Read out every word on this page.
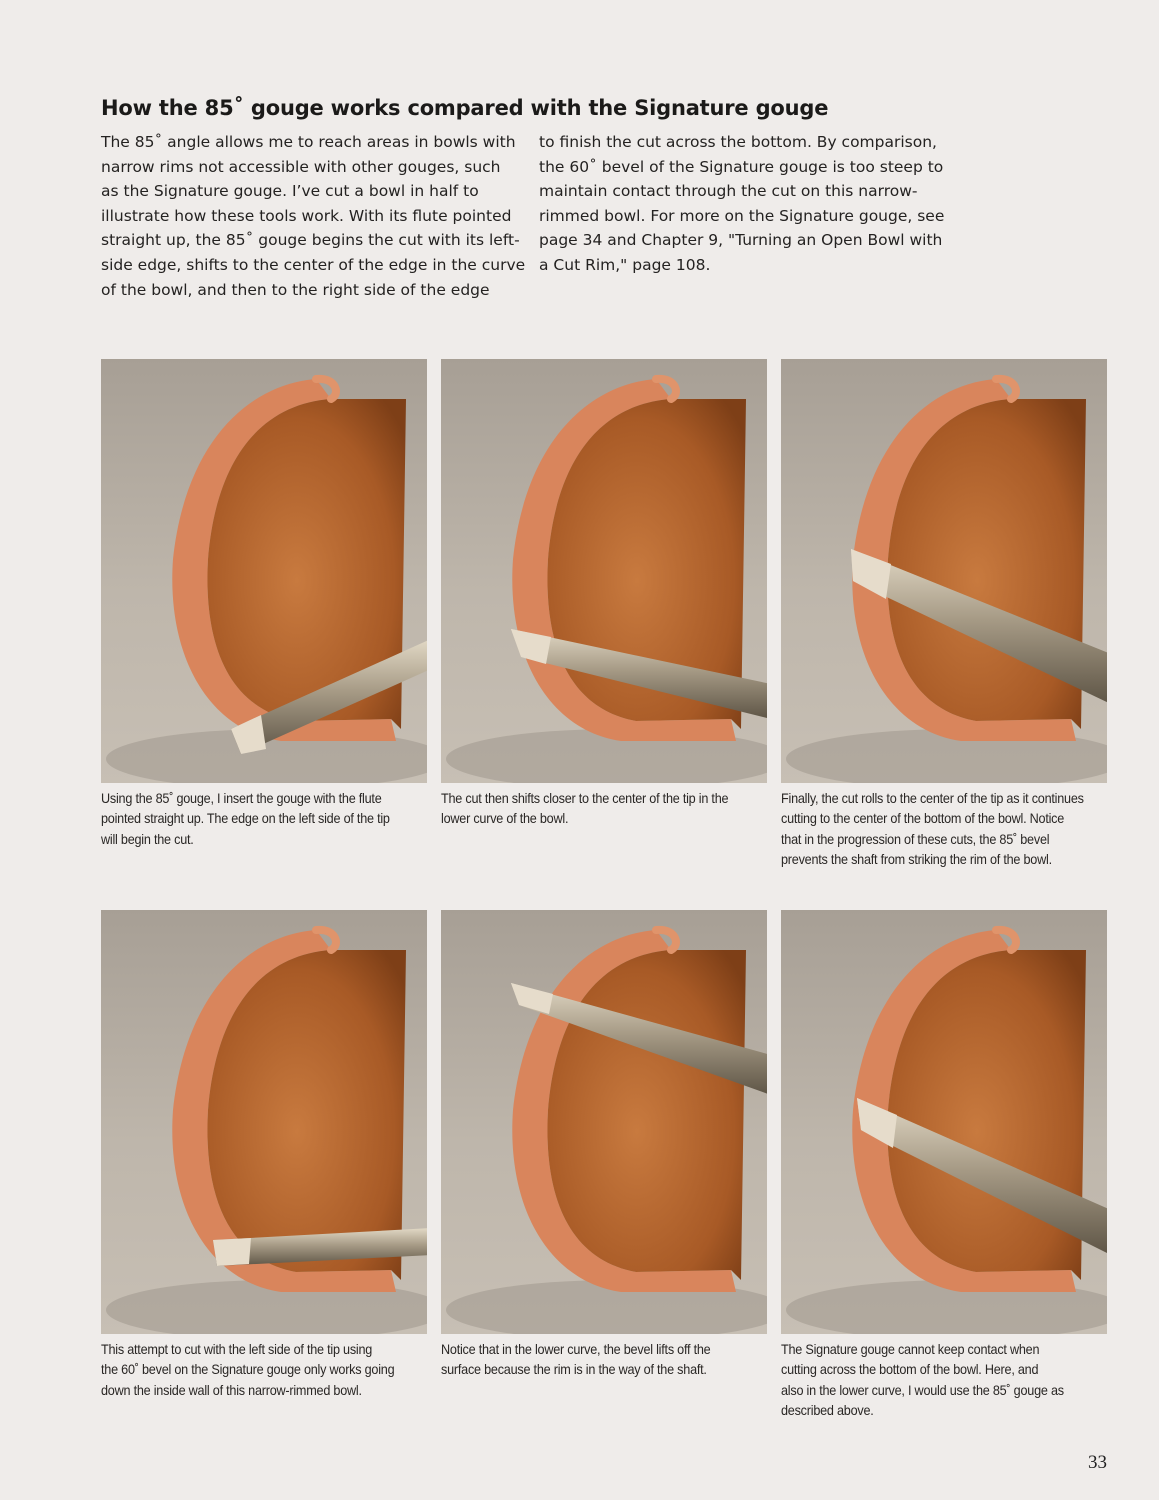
How the 85˚ gouge works compared with the Signature gouge

The 85˚ angle allows me to reach areas in bowls with
narrow rims not accessible with other gouges, such
as the Signature gouge. I’ve cut a bowl in half to
illustrate how these tools work. With its flute pointed
straight up, the 85˚ gouge begins the cut with its left-
side edge, shifts to the center of the edge in the curve
of the bowl, and then to the right side of the edge

to finish the cut across the bottom. By comparison,
the 60˚ bevel of the Signature gouge is too steep to
maintain contact through the cut on this narrow-
rimmed bowl. For more on the Signature gouge, see
page 34 and Chapter 9, "Turning an Open Bowl with
a Cut Rim," page 108.

Using the 85˚ gouge, I insert the gouge with the flute
pointed straight up. The edge on the left side of the tip
will begin the cut.

The cut then shifts closer to the center of the tip in the
lower curve of the bowl.

Finally, the cut rolls to the center of the tip as it continues
cutting to the center of the bottom of the bowl. Notice
that in the progression of these cuts, the 85˚ bevel
prevents the shaft from striking the rim of the bowl.

This attempt to cut with the left side of the tip using
the 60˚ bevel on the Signature gouge only works going
down the inside wall of this narrow-rimmed bowl.

Notice that in the lower curve, the bevel lifts off the
surface because the rim is in the way of the shaft.

The Signature gouge cannot keep contact when
cutting across the bottom of the bowl. Here, and
also in the lower curve, I would use the 85˚ gouge as
described above.

33
